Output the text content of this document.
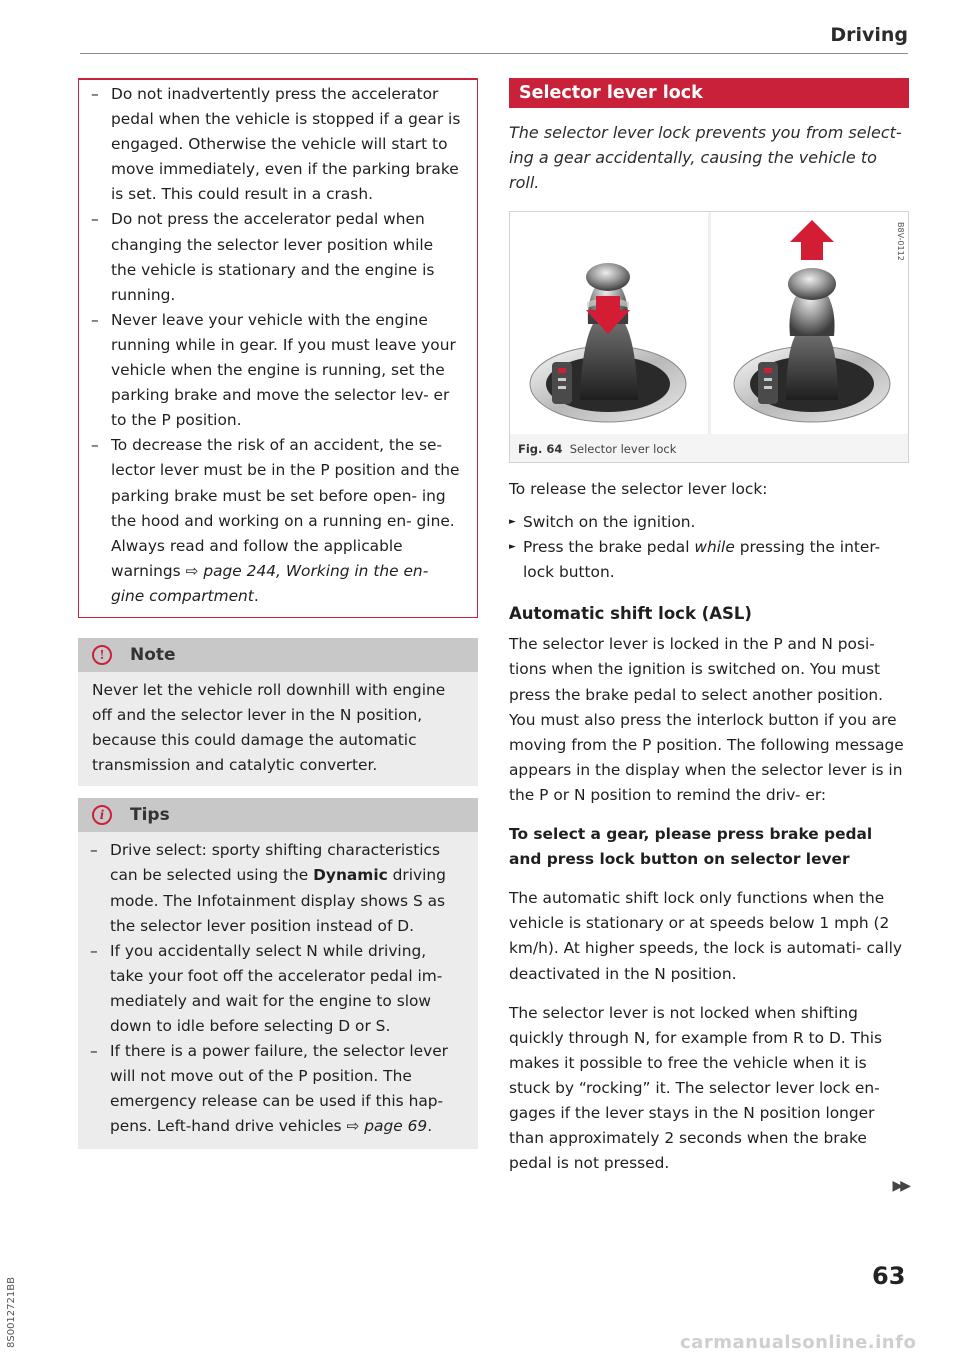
Driving
– Do not inadvertently press the accelerator pedal when the vehicle is stopped if a gear is engaged. Otherwise the vehicle will start to move immediately, even if the parking brake is set. This could result in a crash.
– Do not press the accelerator pedal when changing the selector lever position while the vehicle is stationary and the engine is running.
– Never leave your vehicle with the engine running while in gear. If you must leave your vehicle when the engine is running, set the parking brake and move the selector lev- er to the P position.
– To decrease the risk of an accident, the se- lector lever must be in the P position and the parking brake must be set before open- ing the hood and working on a running en- gine. Always read and follow the applicable warnings ⇨ page 244, Working in the en- gine compartment.
!	Note
Never let the vehicle roll downhill with engine off and the selector lever in the N position, because this could damage the automatic transmission and catalytic converter.
i	Tips
– Drive select: sporty shifting characteristics can be selected using the Dynamic driving mode. The Infotainment display shows S as the selector lever position instead of D.
– If you accidentally select N while driving, take your foot off the accelerator pedal im- mediately and wait for the engine to slow down to idle before selecting D or S.
– If there is a power failure, the selector lever will not move out of the P position. The emergency release can be used if this hap- pens. Left-hand drive vehicles ⇨ page 69.
Selector lever lock

The selector lever lock prevents you from select- ing a gear accidentally, causing the vehicle to roll.

B8V-0112
Fig. 64 Selector lever lock

To release the selector lever lock:

► Switch on the ignition.
► Press the brake pedal while pressing the inter- lock button.
Automatic shift lock (ASL)

The selector lever is locked in the P and N posi- tions when the ignition is switched on. You must press the brake pedal to select another position. You must also press the interlock button if you are moving from the P position. The following message appears in the display when the selector lever is in the P or N position to remind the driv- er:

To select a gear, please press brake pedal and press lock button on selector lever

The automatic shift lock only functions when the vehicle is stationary or at speeds below 1 mph (2 km/h). At higher speeds, the lock is automati- cally deactivated in the N position.

The selector lever is not locked when shifting quickly through N, for example from R to D. This makes it possible to free the vehicle when it is stuck by “rocking” it. The selector lever lock en- gages if the lever stays in the N position longer than approximately 2 seconds when the brake pedal is not pressed.

▶▶
63
8S0012721BB	carmanualsonline.info
